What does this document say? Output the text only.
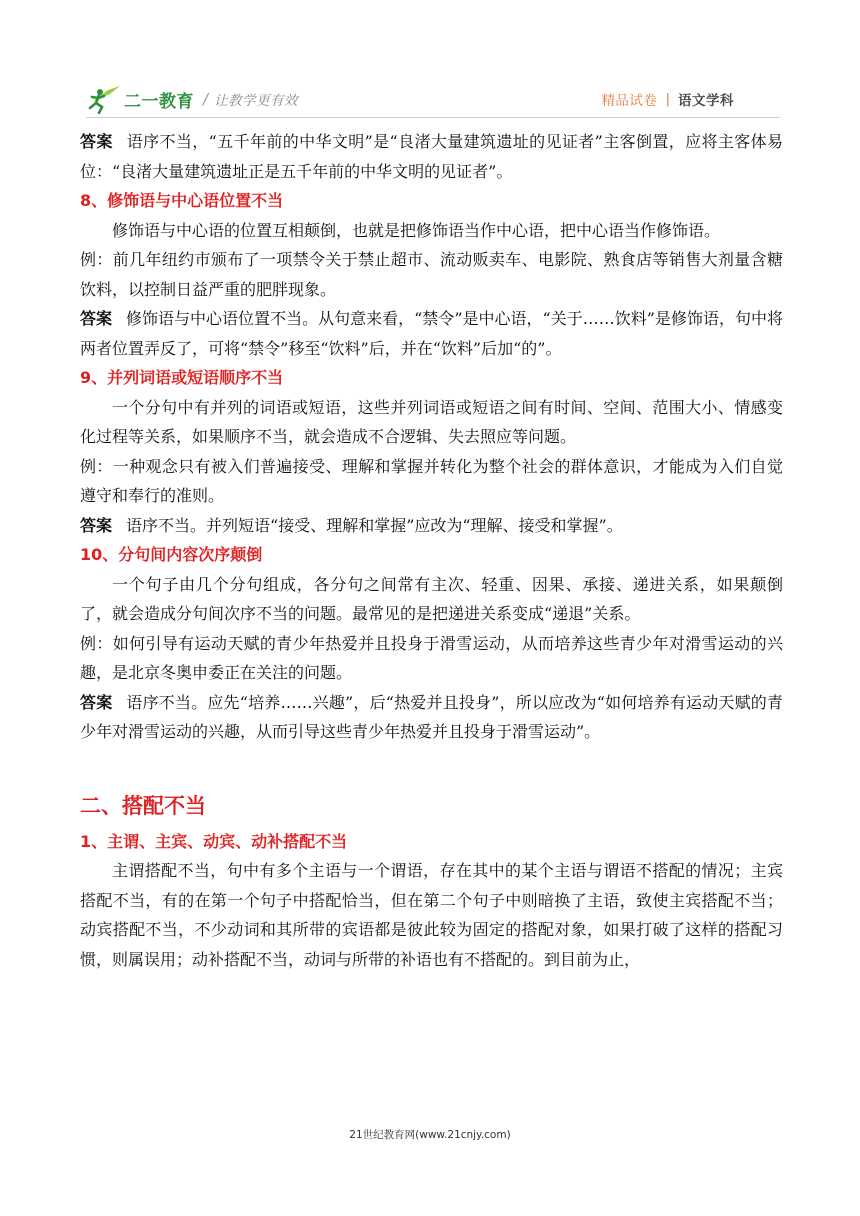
二一教育 / 让教学更有效	精品试卷 | 语文学科

答案 语序不当，“五千年前的中华文明”是“良渚大量建筑遗址的见证者”主客倒置，应将主客体易位：“良渚大量建筑遗址正是五千年前的中华文明的见证者”。

8、修饰语与中心语位置不当

修饰语与中心语的位置互相颠倒，也就是把修饰语当作中心语，把中心语当作修饰语。

例：前几年纽约市颁布了一项禁令关于禁止超市、流动贩卖车、电影院、熟食店等销售大剂量含糖饮料，以控制日益严重的肥胖现象。

答案 修饰语与中心语位置不当。从句意来看，“禁令”是中心语，“关于……饮料”是修饰语，句中将两者位置弄反了，可将“禁令”移至“饮料”后，并在“饮料”后加“的”。

9、并列词语或短语顺序不当

一个分句中有并列的词语或短语，这些并列词语或短语之间有时间、空间、范围大小、情感变化过程等关系，如果顺序不当，就会造成不合逻辑、失去照应等问题。

例：一种观念只有被入们普遍接受、理解和掌握并转化为整个社会的群体意识，才能成为入们自觉遵守和奉行的准则。

答案 语序不当。并列短语“接受、理解和掌握”应改为“理解、接受和掌握”。

10、分句间内容次序颠倒

一个句子由几个分句组成，各分句之间常有主次、轻重、因果、承接、递进关系，如果颠倒了，就会造成分句间次序不当的问题。最常见的是把递进关系变成“递退”关系。

例：如何引导有运动天赋的青少年热爱并且投身于滑雪运动，从而培养这些青少年对滑雪运动的兴趣，是北京冬奥申委正在关注的问题。

答案 语序不当。应先“培养……兴趣”，后“热爱并且投身”，所以应改为“如何培养有运动天赋的青少年对滑雪运动的兴趣，从而引导这些青少年热爱并且投身于滑雪运动”。

二、搭配不当

1、主谓、主宾、动宾、动补搭配不当

主谓搭配不当，句中有多个主语与一个谓语，存在其中的某个主语与谓语不搭配的情况；主宾搭配不当，有的在第一个句子中搭配恰当，但在第二个句子中则暗换了主语，致使主宾搭配不当；动宾搭配不当，不少动词和其所带的宾语都是彼此较为固定的搭配对象，如果打破了这样的搭配习惯，则属误用；动补搭配不当，动词与所带的补语也有不搭配的。到目前为止，

21世纪教育网(www.21cnjy.com)
